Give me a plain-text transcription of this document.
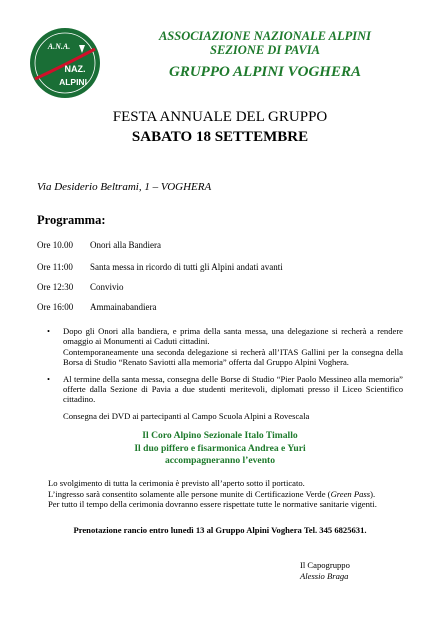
A.N.A.
NAZ.
ALPINI
ASSOCIAZIONE NAZIONALE ALPINI
SEZIONE DI PAVIA
GRUPPO ALPINI VOGHERA
FESTA ANNUALE DEL GRUPPO
SABATO 18 SETTEMBRE
Via Desiderio Beltrami, 1 – VOGHERA
Programma:
Ore 10.00 Onori alla Bandiera
Ore 11:00 Santa messa in ricordo di tutti gli Alpini andati avanti
Ore 12:30 Convivio
Ore 16:00 Ammainabandiera
• Dopo gli Onori alla bandiera, e prima della santa messa, una delegazione si recherà a rendere omaggio ai Monumenti ai Caduti cittadini.

Contemporaneamente una seconda delegazione si recherà all’ITAS Gallini per la consegna della Borsa di Studio “Renato Saviotti alla memoria” offerta dal Gruppo Alpini Voghera.

• Al termine della santa messa, consegna delle Borse di Studio “Pier Paolo Messineo alla memoria” offerte dalla Sezione di Pavia a due studenti meritevoli, diplomati presso il Liceo Scientifico cittadino.

Consegna dei DVD ai partecipanti al Campo Scuola Alpini a Rovescala
Il Coro Alpino Sezionale Italo Timallo
Il duo piffero e fisarmonica Andrea e Yuri
accompagneranno l’evento
Lo svolgimento di tutta la cerimonia è previsto all’aperto sotto il porticato.
L’ingresso sarà consentito solamente alle persone munite di Certificazione Verde (Green Pass).
Per tutto il tempo della cerimonia dovranno essere rispettate tutte le normative sanitarie vigenti.
Prenotazione rancio entro lunedì 13 al Gruppo Alpini Voghera Tel. 345 6825631.
Il Capogruppo
Alessio Braga
